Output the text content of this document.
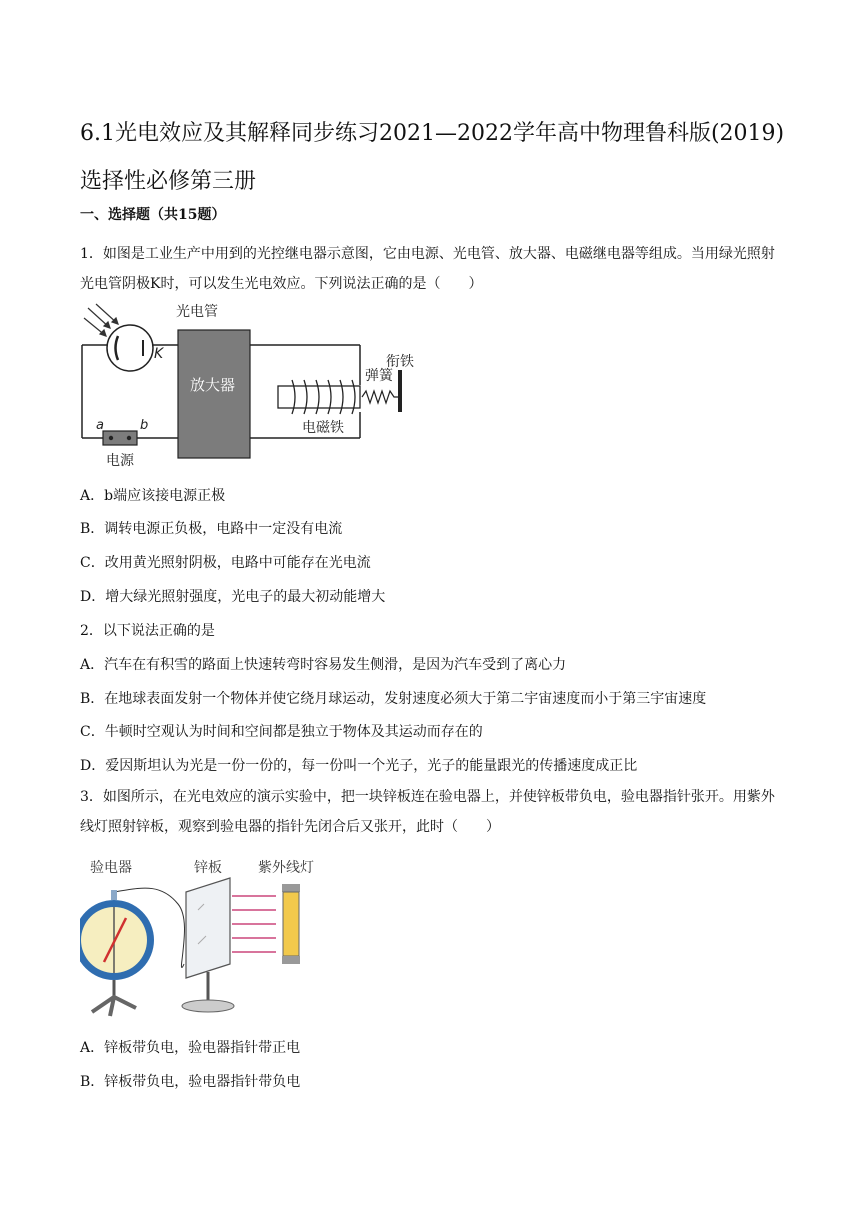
6.1光电效应及其解释同步练习2021—2022学年高中物理鲁科版(2019)选择性必修第三册
一、选择题（共15题）
1．如图是工业生产中用到的光控继电器示意图，它由电源、光电管、放大器、电磁继电器等组成。当用绿光照射光电管阴极K时，可以发生光电效应。下列说法正确的是（　　）
光电管
K
放大器
电磁铁
弹簧
衔铁
a	b
电源
A．b端应该接电源正极
B．调转电源正负极，电路中一定没有电流
C．改用黄光照射阴极，电路中可能存在光电流
D．增大绿光照射强度，光电子的最大初动能增大
2．以下说法正确的是
A．汽车在有积雪的路面上快速转弯时容易发生侧滑，是因为汽车受到了离心力
B．在地球表面发射一个物体并使它绕月球运动，发射速度必须大于第二宇宙速度而小于第三宇宙速度
C．牛顿时空观认为时间和空间都是独立于物体及其运动而存在的
D．爱因斯坦认为光是一份一份的，每一份叫一个光子，光子的能量跟光的传播速度成正比
3．如图所示，在光电效应的演示实验中，把一块锌板连在验电器上，并使锌板带负电，验电器指针张开。用紫外线灯照射锌板，观察到验电器的指针先闭合后又张开，此时（　　）
验电器	锌板	紫外线灯
A．锌板带负电，验电器指针带正电
B．锌板带负电，验电器指针带负电
